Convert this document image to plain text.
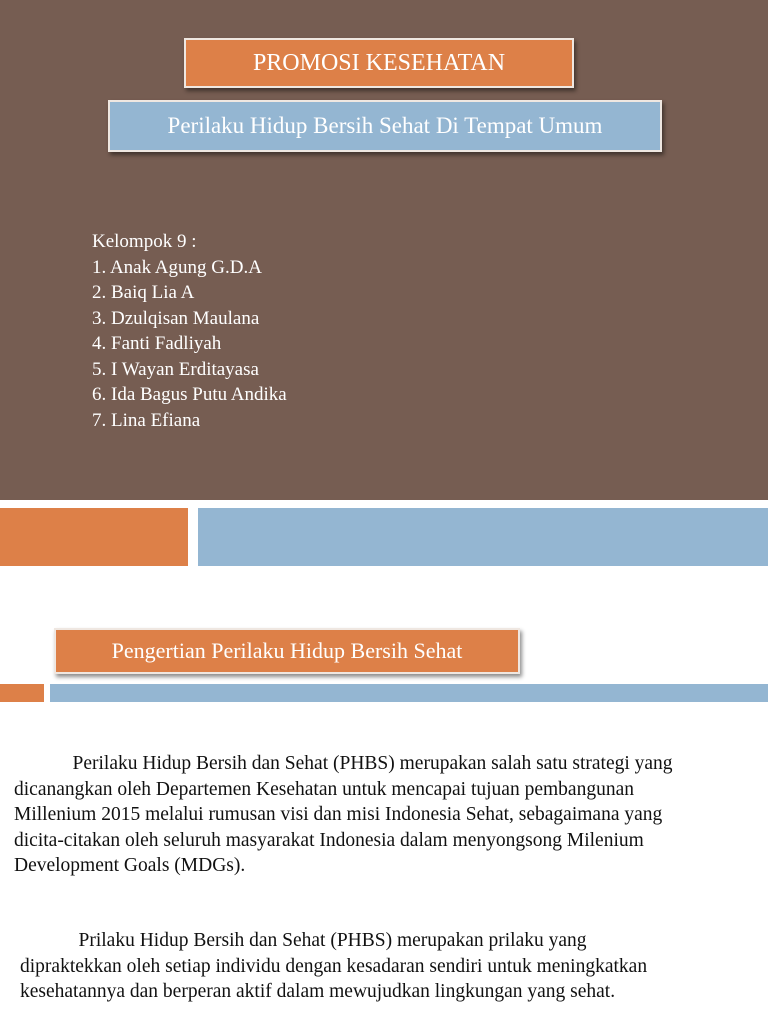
PROMOSI KESEHATAN
Perilaku Hidup Bersih Sehat Di Tempat Umum
Kelompok 9 :
1. Anak Agung G.D.A
2. Baiq Lia A
3. Dzulqisan Maulana
4. Fanti Fadliyah
5. I Wayan Erditayasa
6. Ida Bagus Putu Andika
7. Lina Efiana
Pengertian Perilaku Hidup Bersih Sehat
Perilaku Hidup Bersih dan Sehat (PHBS) merupakan salah satu strategi yang
dicanangkan oleh Departemen Kesehatan untuk mencapai tujuan pembangunan
Millenium 2015 melalui rumusan visi dan misi Indonesia Sehat, sebagaimana yang
dicita-citakan oleh seluruh masyarakat Indonesia dalam menyongsong Milenium
Development Goals (MDGs).
Prilaku Hidup Bersih dan Sehat (PHBS) merupakan prilaku yang
dipraktekkan oleh setiap individu dengan kesadaran sendiri untuk meningkatkan
kesehatannya dan berperan aktif dalam mewujudkan lingkungan yang sehat.
